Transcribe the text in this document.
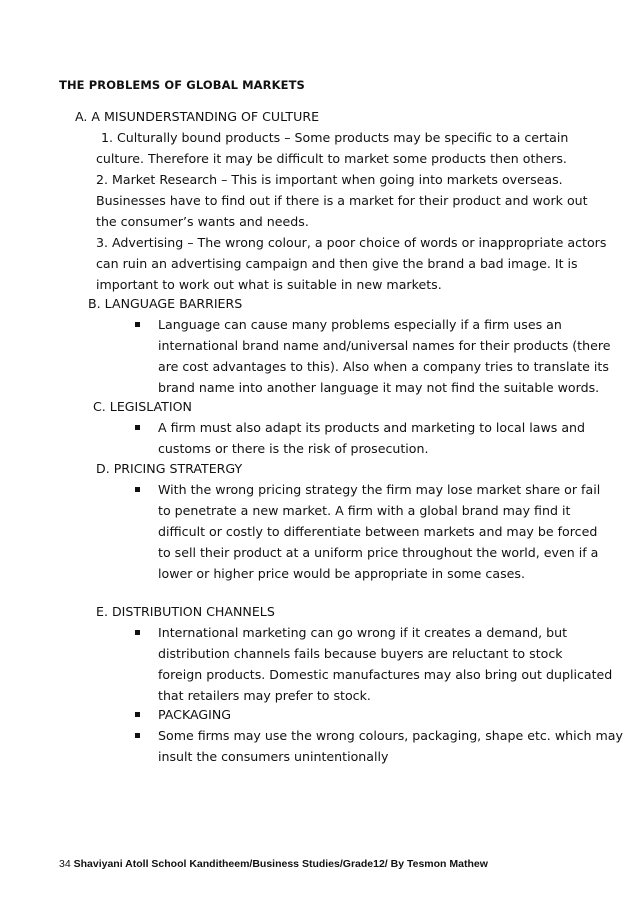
THE PROBLEMS OF GLOBAL MARKETS
A. A MISUNDERSTANDING OF CULTURE
1. Culturally bound products – Some products may be specific to a certain
culture. Therefore it may be difficult to market some products then others.
2. Market Research – This is important when going into markets overseas.
Businesses have to find out if there is a market for their product and work out
the consumer’s wants and needs.
3. Advertising – The wrong colour, a poor choice of words or inappropriate actors
can ruin an advertising campaign and then give the brand a bad image. It is
important to work out what is suitable in new markets.
B. LANGUAGE BARRIERS
Language can cause many problems especially if a firm uses an
international brand name and/universal names for their products (there
are cost advantages to this). Also when a company tries to translate its
brand name into another language it may not find the suitable words.
C. LEGISLATION
A firm must also adapt its products and marketing to local laws and
customs or there is the risk of prosecution.
D. PRICING STRATERGY
With the wrong pricing strategy the firm may lose market share or fail
to penetrate a new market. A firm with a global brand may find it
difficult or costly to differentiate between markets and may be forced
to sell their product at a uniform price throughout the world, even if a
lower or higher price would be appropriate in some cases.
E. DISTRIBUTION CHANNELS
International marketing can go wrong if it creates a demand, but
distribution channels fails because buyers are reluctant to stock
foreign products. Domestic manufactures may also bring out duplicated
that retailers may prefer to stock.
PACKAGING
Some firms may use the wrong colours, packaging, shape etc. which may
insult the consumers unintentionally
34 Shaviyani Atoll School Kanditheem/Business Studies/Grade12/ By Tesmon Mathew
